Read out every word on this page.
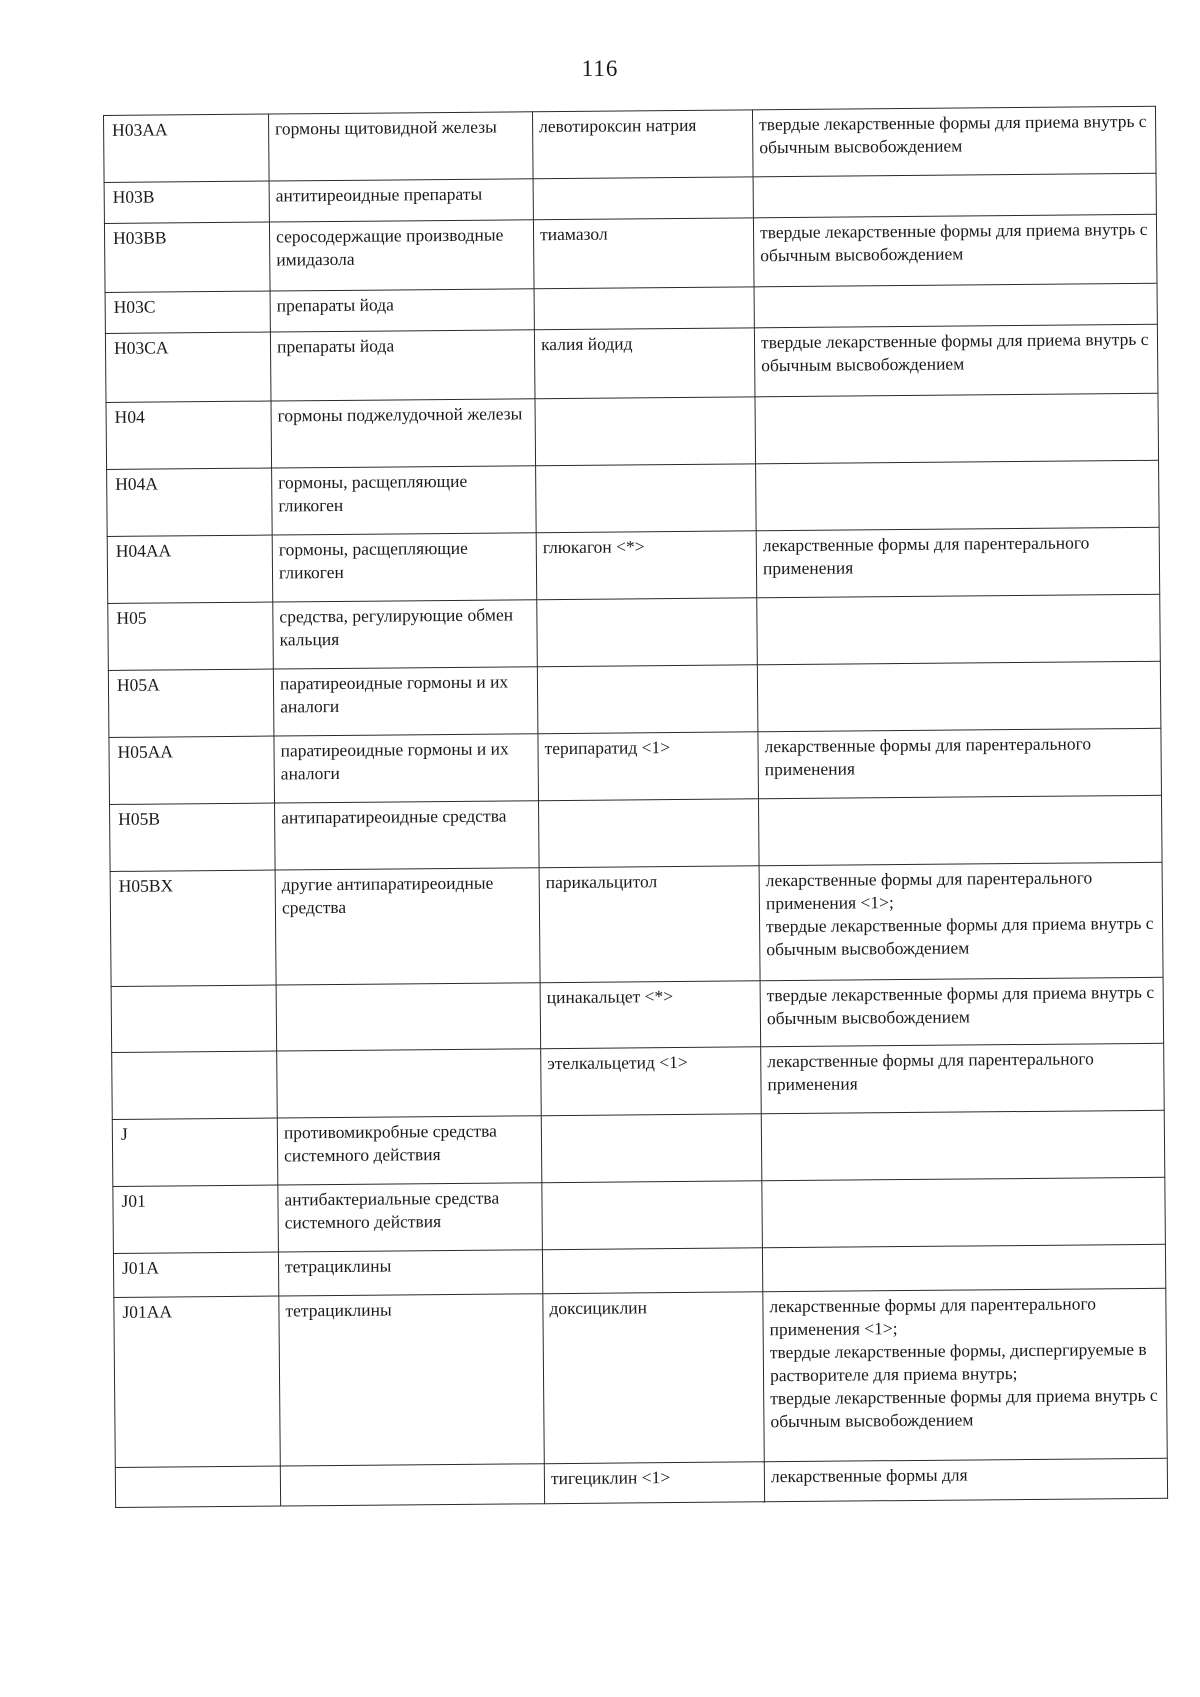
116
H03AA	гормоны щитовидной железы	левотироксин натрия	твердые лекарственные формы для приема внутрь с обычным высвобождением

H03B	антитиреоидные препараты		
H03BB	серосодержащие производные имидазола	тиамазол	твердые лекарственные формы для приема внутрь с обычным высвобождением

H03C	препараты йода		
H03CA	препараты йода	калия йодид	твердые лекарственные формы для приема внутрь с обычным высвобождением

H04	гормоны поджелудочной железы		
H04A	гормоны, расщепляющие гликоген		
H04AA	гормоны, расщепляющие гликоген	глюкагон <*>	лекарственные формы для парентерального применения

H05	средства, регулирующие обмен кальция		
H05A	паратиреоидные гормоны и их аналоги		
H05AA	паратиреоидные гормоны и их аналоги	терипаратид <1>	лекарственные формы для парентерального применения

H05B	антипаратиреоидные средства		
H05BX	другие антипаратиреоидные средства	парикальцитол	лекарственные формы для парентерального применения <1>;
твердые лекарственные формы для приема внутрь с обычным высвобождением

		цинакальцет <*>	твердые лекарственные формы для приема внутрь с обычным высвобождением

		этелкальцетид <1>	лекарственные формы для парентерального применения

J	противомикробные средства системного действия		
J01	антибактериальные средства системного действия		
J01A	тетрациклины		
J01AA	тетрациклины	доксициклин	лекарственные формы для парентерального применения <1>;
твердые лекарственные формы, диспергируемые в растворителе для приема внутрь;
твердые лекарственные формы для приема внутрь с обычным высвобождением

		тигециклин <1>	лекарственные формы для
